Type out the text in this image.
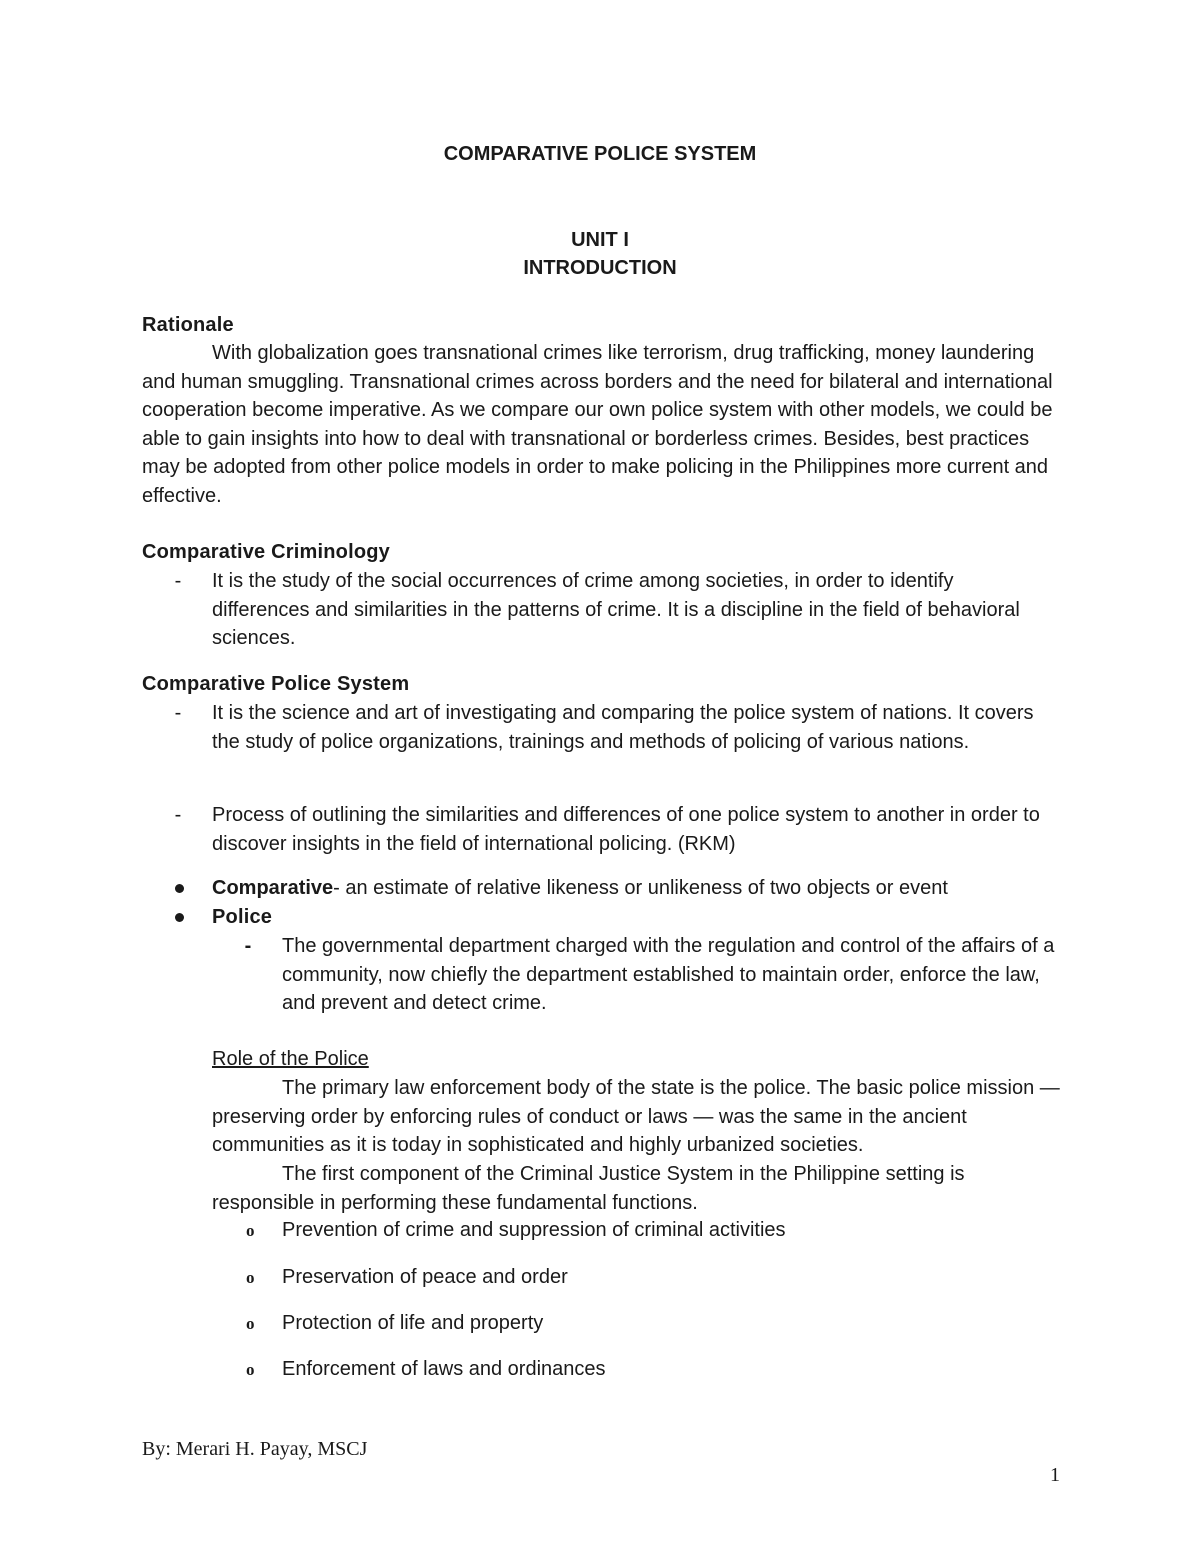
COMPARATIVE POLICE SYSTEM
UNIT I
INTRODUCTION
Rationale

With globalization goes transnational crimes like terrorism, drug trafficking, money laundering and human smuggling. Transnational crimes across borders and the need for bilateral and international cooperation become imperative. As we compare our own police system with other models, we could be able to gain insights into how to deal with transnational or borderless crimes. Besides, best practices may be adopted from other police models in order to make policing in the Philippines more current and effective.

Comparative Criminology
- It is the study of the social occurrences of crime among societies, in order to identify differences and similarities in the patterns of crime. It is a discipline in the field of behavioral sciences.

Comparative Police System
- It is the science and art of investigating and comparing the police system of nations. It covers the study of police organizations, trainings and methods of policing of various nations.

- Process of outlining the similarities and differences of one police system to another in order to discover insights in the field of international policing. (RKM)

Comparative- an estimate of relative likeness or unlikeness of two objects or event

Police
- The governmental department charged with the regulation and control of the affairs of a community, now chiefly the department established to maintain order, enforce the law, and prevent and detect crime.

Role of the Police

The primary law enforcement body of the state is the police. The basic police mission — preserving order by enforcing rules of conduct or laws — was the same in the ancient communities as it is today in sophisticated and highly urbanized societies.

The first component of the Criminal Justice System in the Philippine setting is responsible in performing these fundamental functions.

o Prevention of crime and suppression of criminal activities
o Preservation of peace and order
o Protection of life and property
o Enforcement of laws and ordinances
By: Merari H. Payay, MSCJ
1
